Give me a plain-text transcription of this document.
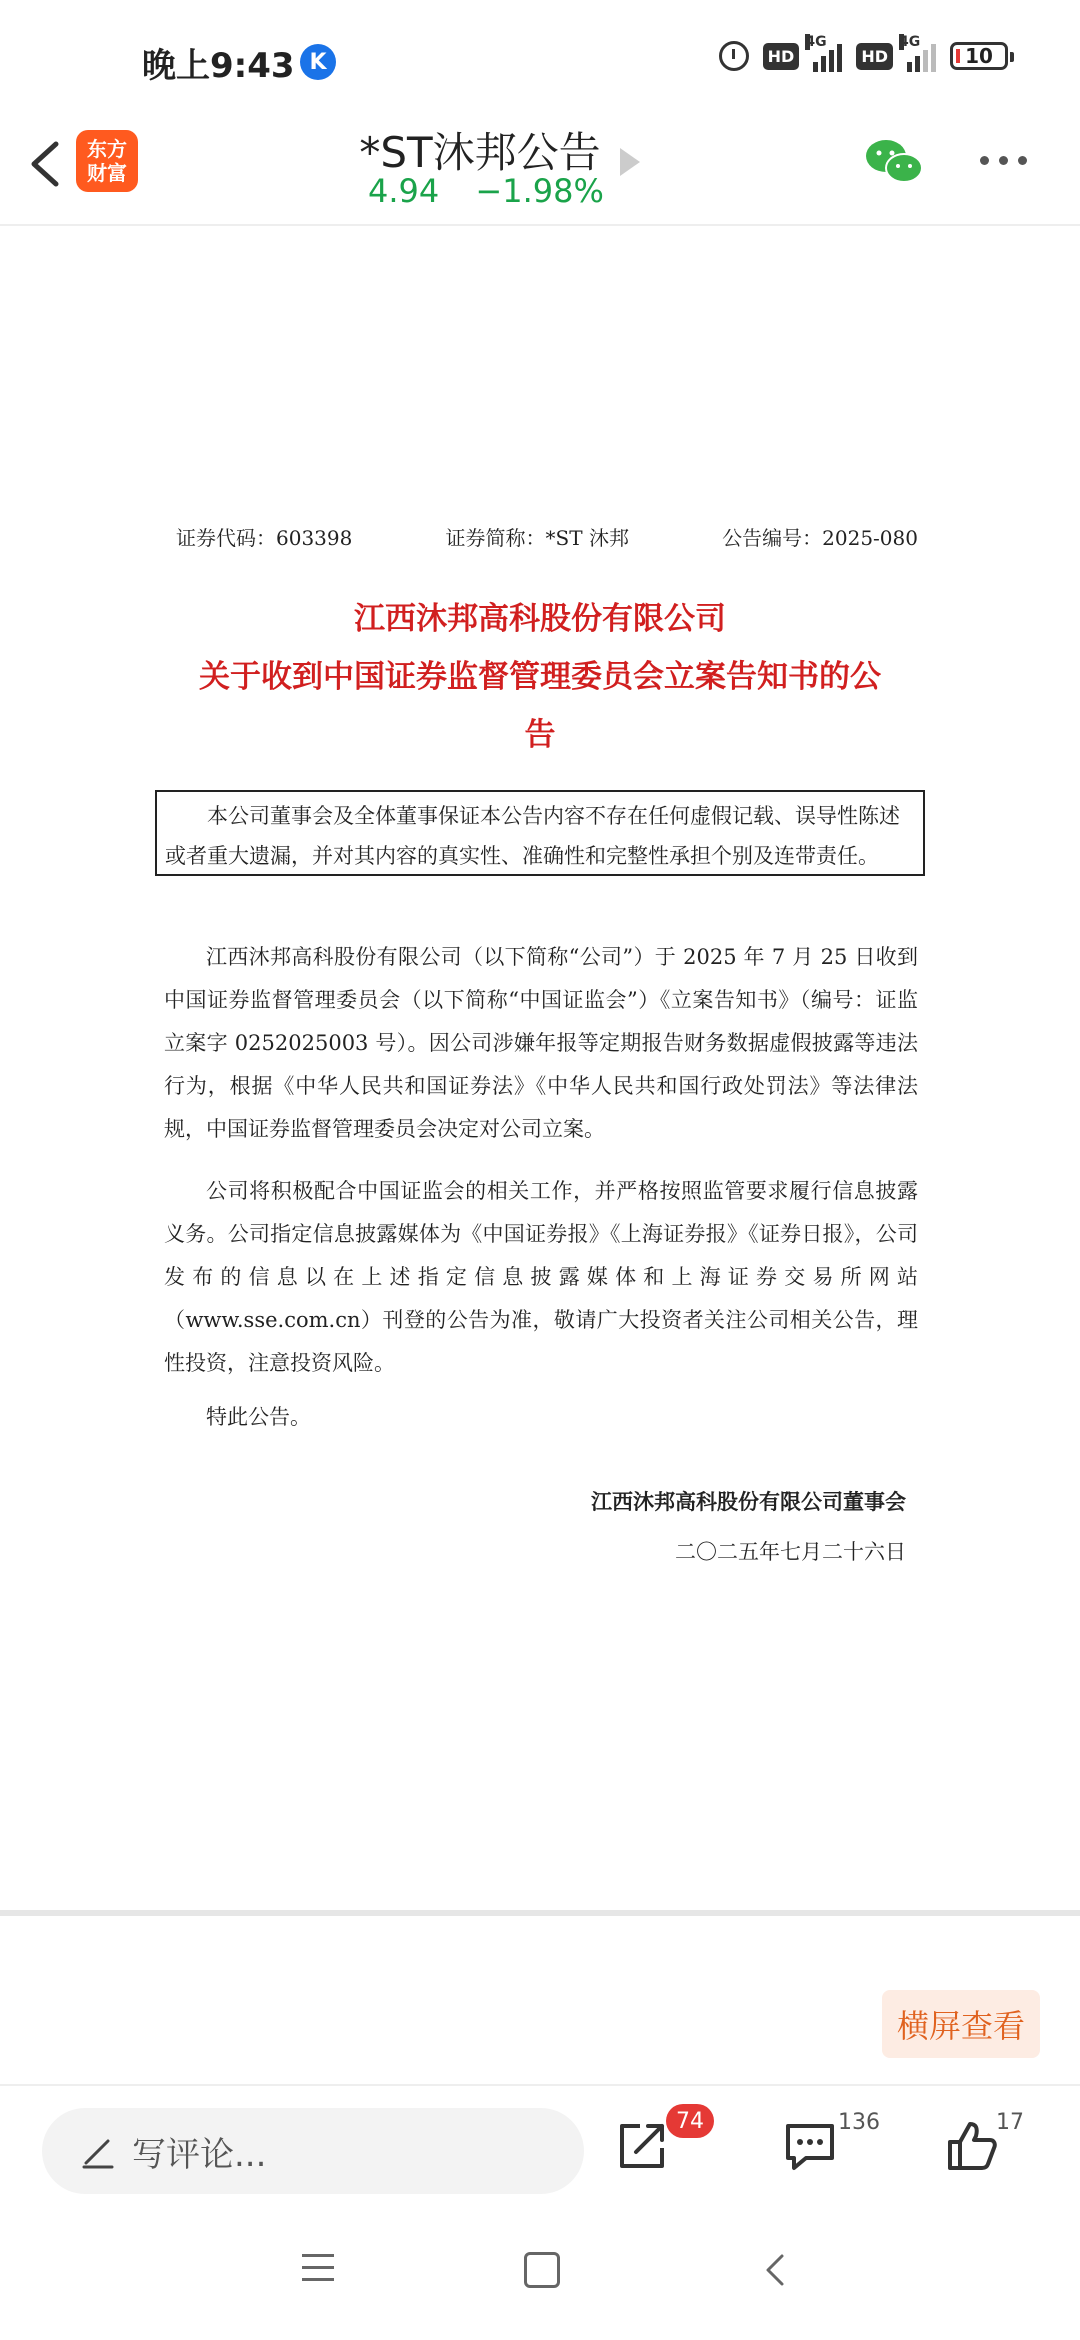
晚上9:43 K	HD
4G
HD
4G
10
东方
财富	*ST沐邦公告
4.94 −1.98%
证券代码：603398	证券简称：*ST 沐邦	公告编号：2025-080
江西沐邦高科股份有限公司
关于收到中国证券监督管理委员会立案告知书的公
告
本公司董事会及全体董事保证本公告内容不存在任何虚假记载、误导性陈述或者重大遗漏，并对其内容的真实性、准确性和完整性承担个别及连带责任。
江西沐邦高科股份有限公司（以下简称“公司”）于 2025 年 7 月 25 日收到中国证券监督管理委员会（以下简称“中国证监会”）《立案告知书》（编号：证监立案字 0252025003 号）。因公司涉嫌年报等定期报告财务数据虚假披露等违法行为，根据《中华人民共和国证券法》《中华人民共和国行政处罚法》等法律法规，中国证券监督管理委员会决定对公司立案。
公司将积极配合中国证监会的相关工作，并严格按照监管要求履行信息披露义务。公司指定信息披露媒体为《中国证券报》《上海证券报》《证券日报》，公司发布的信息以在上述指定信息披露媒体和上海证券交易所网站（www.sse.com.cn）刊登的公告为准，敬请广大投资者关注公司相关公告，理性投资，注意投资风险。
特此公告。
江西沐邦高科股份有限公司董事会
二〇二五年七月二十六日
横屏查看
写评论...
74	136	17
